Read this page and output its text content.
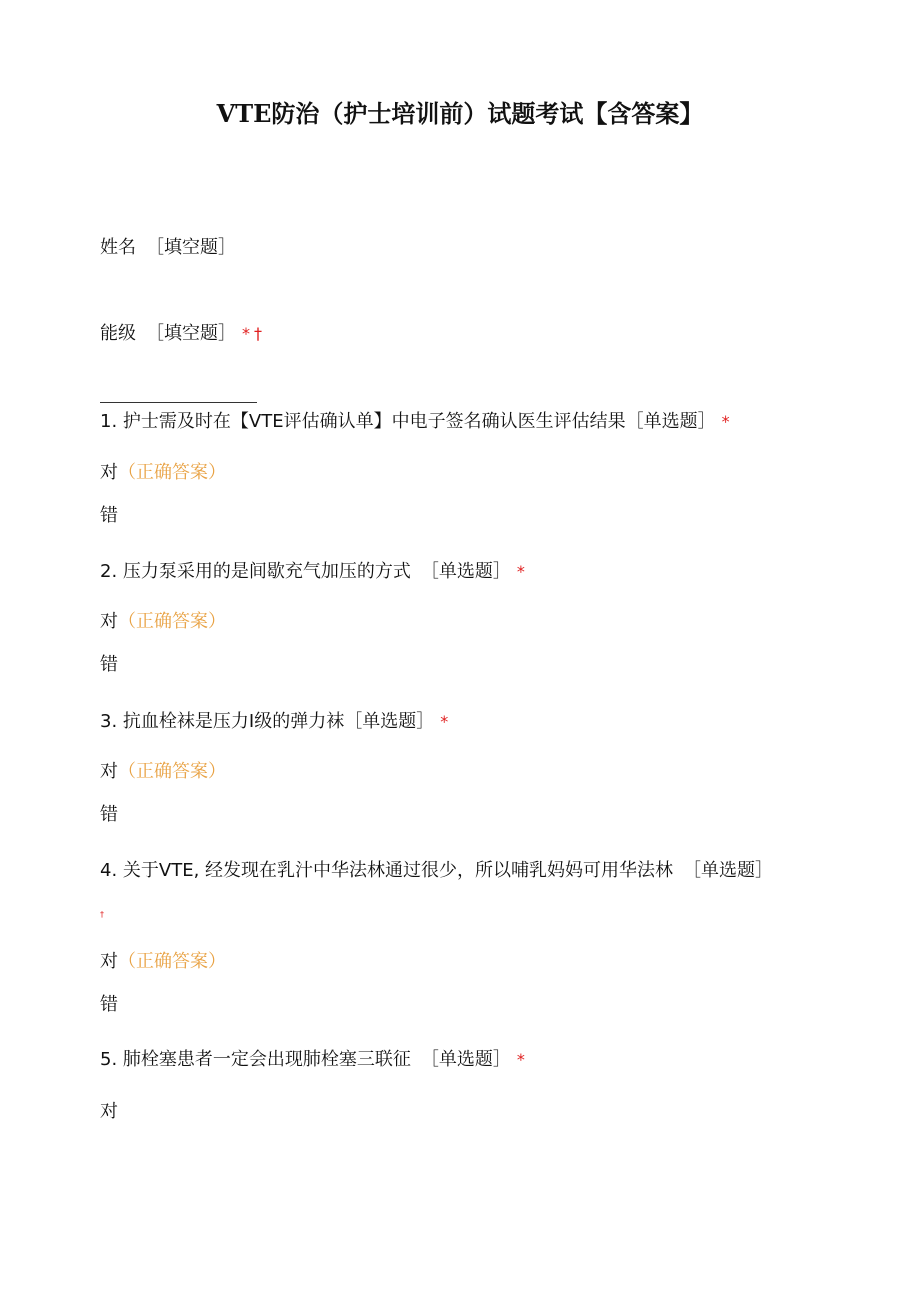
VTE防治（护士培训前）试题考试【含答案】
姓名 ［填空题］
能级 ［填空题］ * †
1. 护士需及时在【VTE评估确认单】中电子签名确认医生评估结果［单选题］ *
对（正确答案）
错
2. 压力泵采用的是间歇充气加压的方式 ［单选题］ *
对（正确答案）
错
3. 抗血栓袜是压力I级的弹力袜［单选题］ *
对（正确答案）
错
4. 关于VTE, 经发现在乳汁中华法林通过很少，所以哺乳妈妈可用华法林 ［单选题］
†
对（正确答案）
错
5. 肺栓塞患者一定会出现肺栓塞三联征 ［单选题］ *
对
